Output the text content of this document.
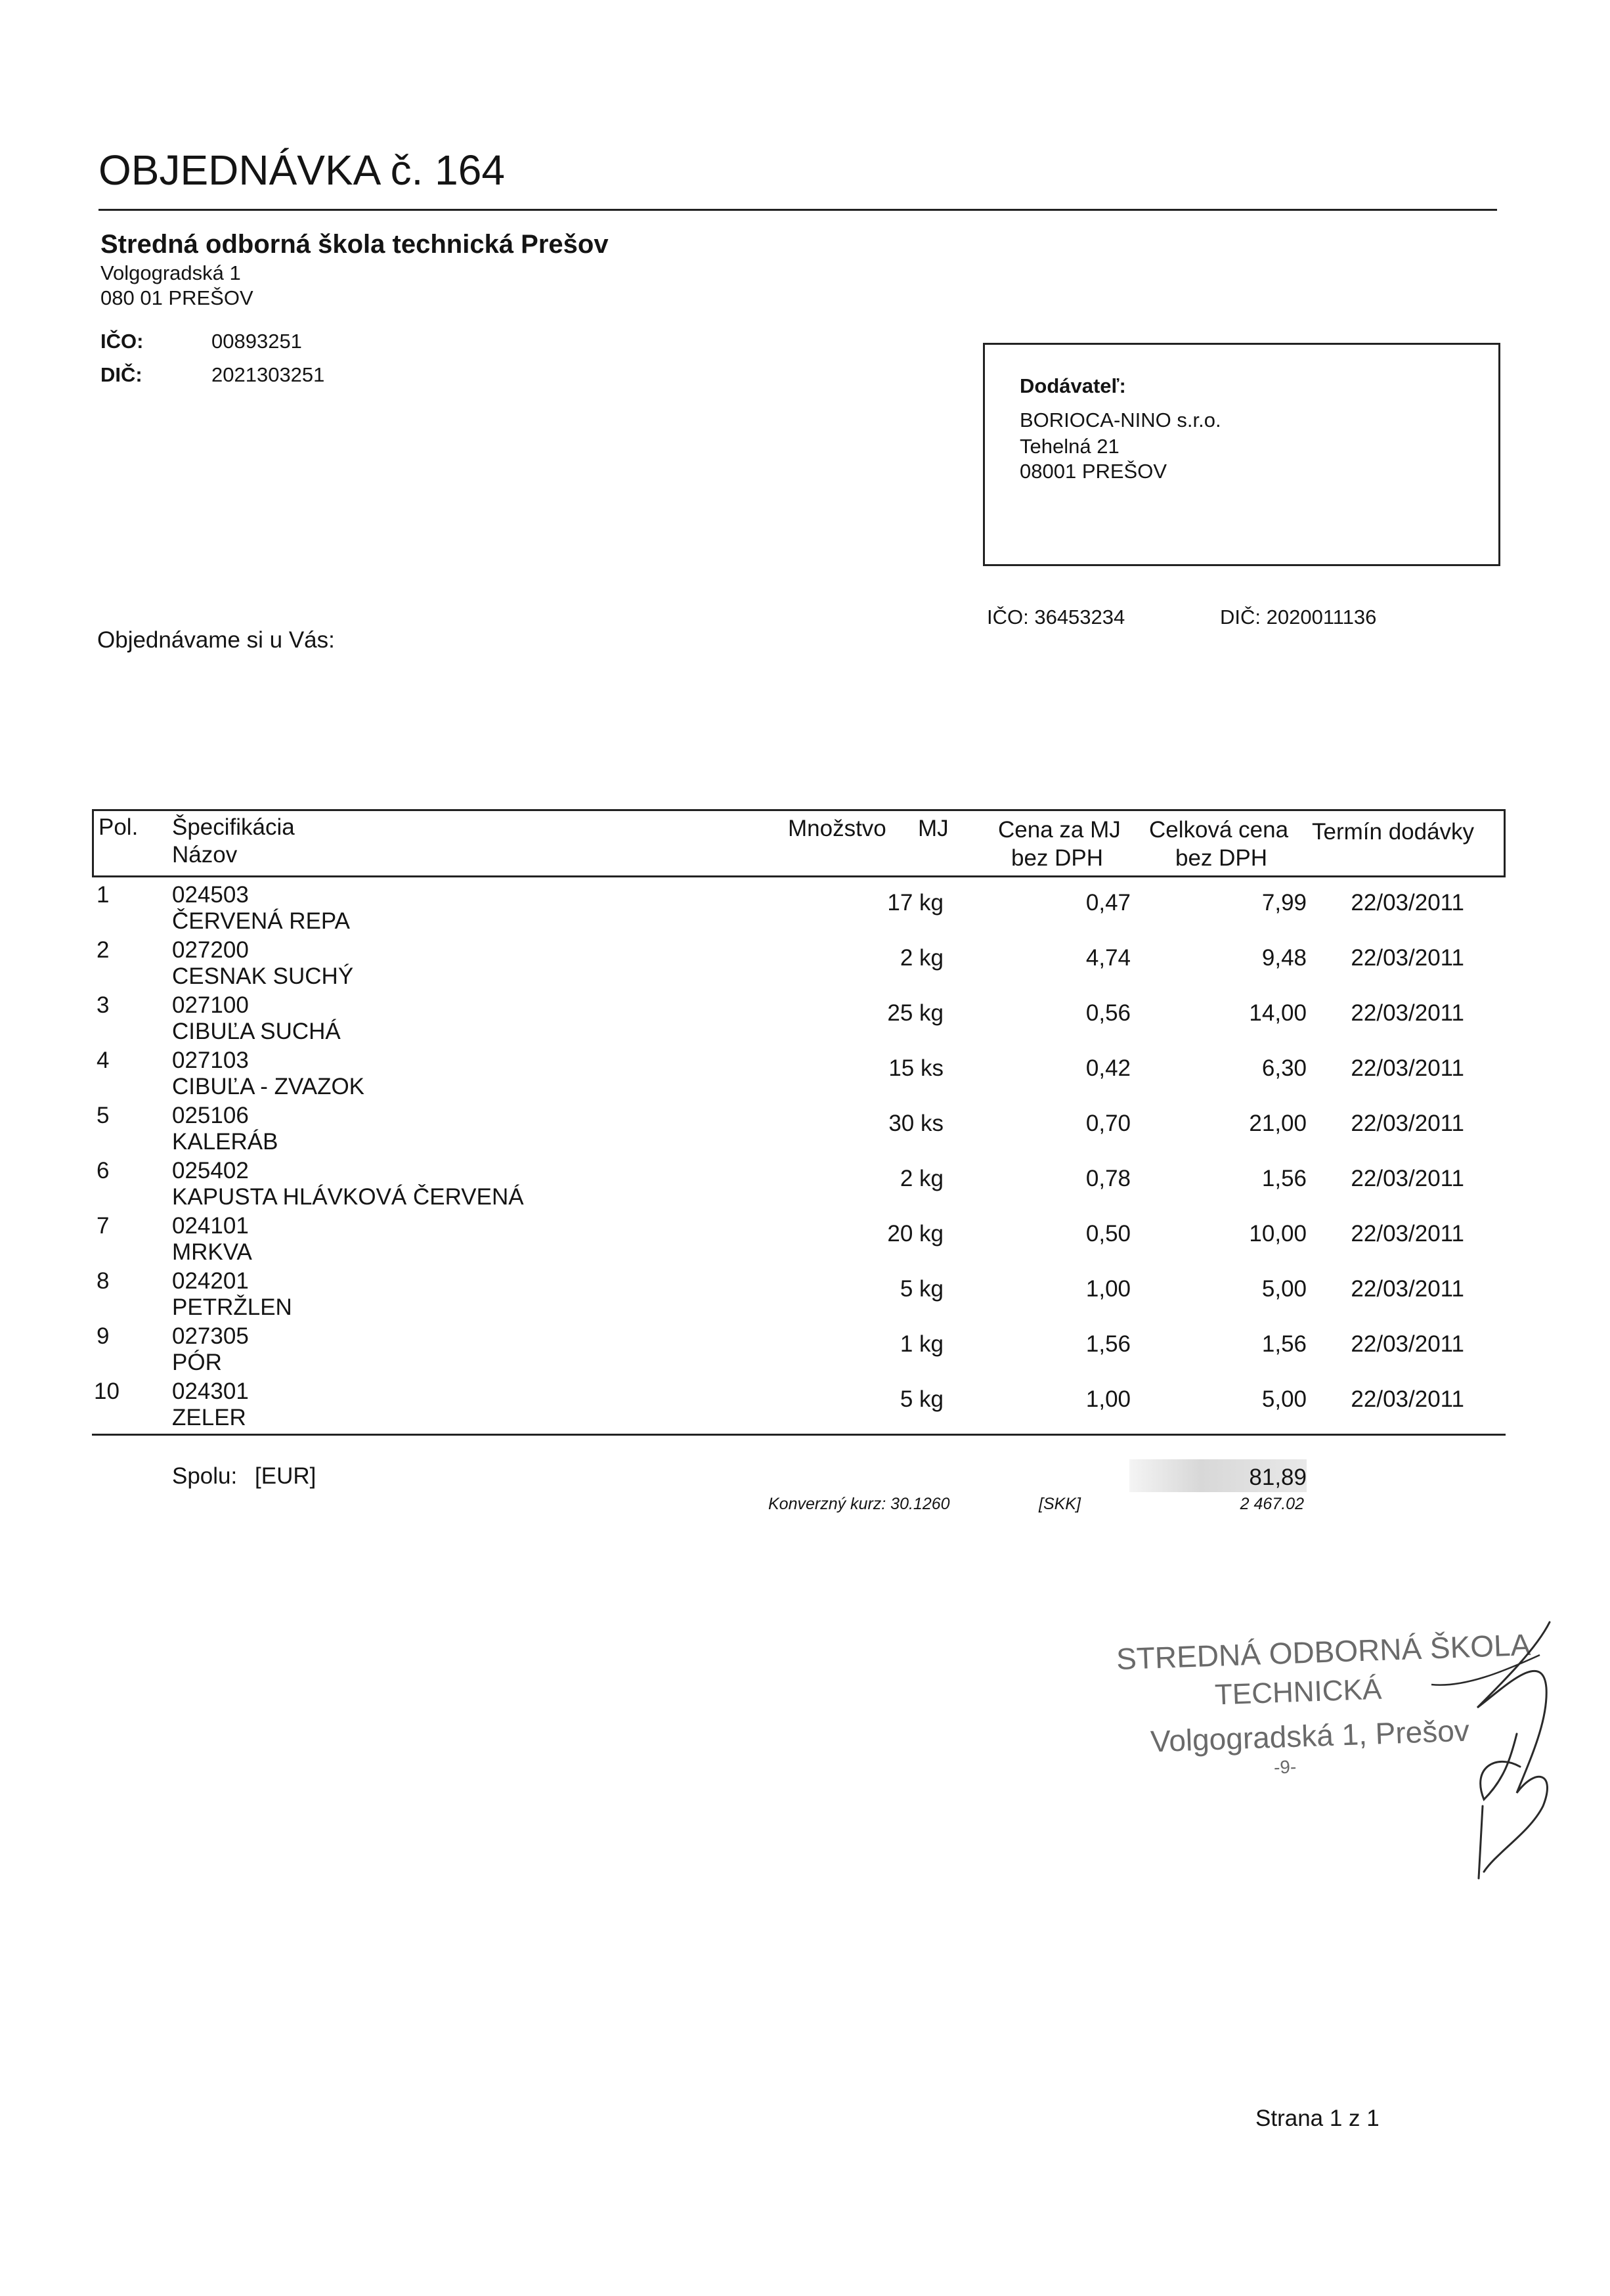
OBJEDNÁVKA č. 164
Stredná odborná škola technická Prešov
Volgogradská 1
080 01 PREŠOV
IČO:	00893251
DIČ:	2021303251	Dodávateľ:
BORIOCA-NINO s.r.o.
Tehelná 21
08001 PREŠOV
IČO: 36453234	DIČ: 2020011136
Objednávame si u Vás:
Pol. Špecifikácia
Názov
Množstvo MJ Cena za MJ
bez DPH
Celková cena
bez DPH
Termín dodávky
1	024503
ČERVENÁ REPA
17 kg	0,47	7,99 22/03/2011
2	027200
CESNAK SUCHÝ
2 kg	4,74	9,48 22/03/2011
3	027100
CIBUĽA SUCHÁ
25 kg	0,56	14,00 22/03/2011
4	027103
CIBUĽA - ZVAZOK
15 ks	0,42	6,30 22/03/2011
5	025106
KALERÁB
30 ks	0,70	21,00 22/03/2011
6	025402
KAPUSTA HLÁVKOVÁ ČERVENÁ
2 kg	0,78	1,56 22/03/2011
7	024101
MRKVA
20 kg	0,50	10,00 22/03/2011
8	024201
PETRŽLEN
5 kg	1,00	5,00 22/03/2011
9	027305
PÓR
1 kg	1,56	1,56 22/03/2011
10 024301
ZELER
5 kg	1,00	5,00 22/03/2011
Spolu: [EUR]	81,89
Konverzný kurz: 30.1260	[SKK]	2 467.02
STREDNÁ ODBORNÁ ŠKOLA
TECHNICKÁ
Volgogradská 1, Prešov
-9-
Strana 1 z 1
